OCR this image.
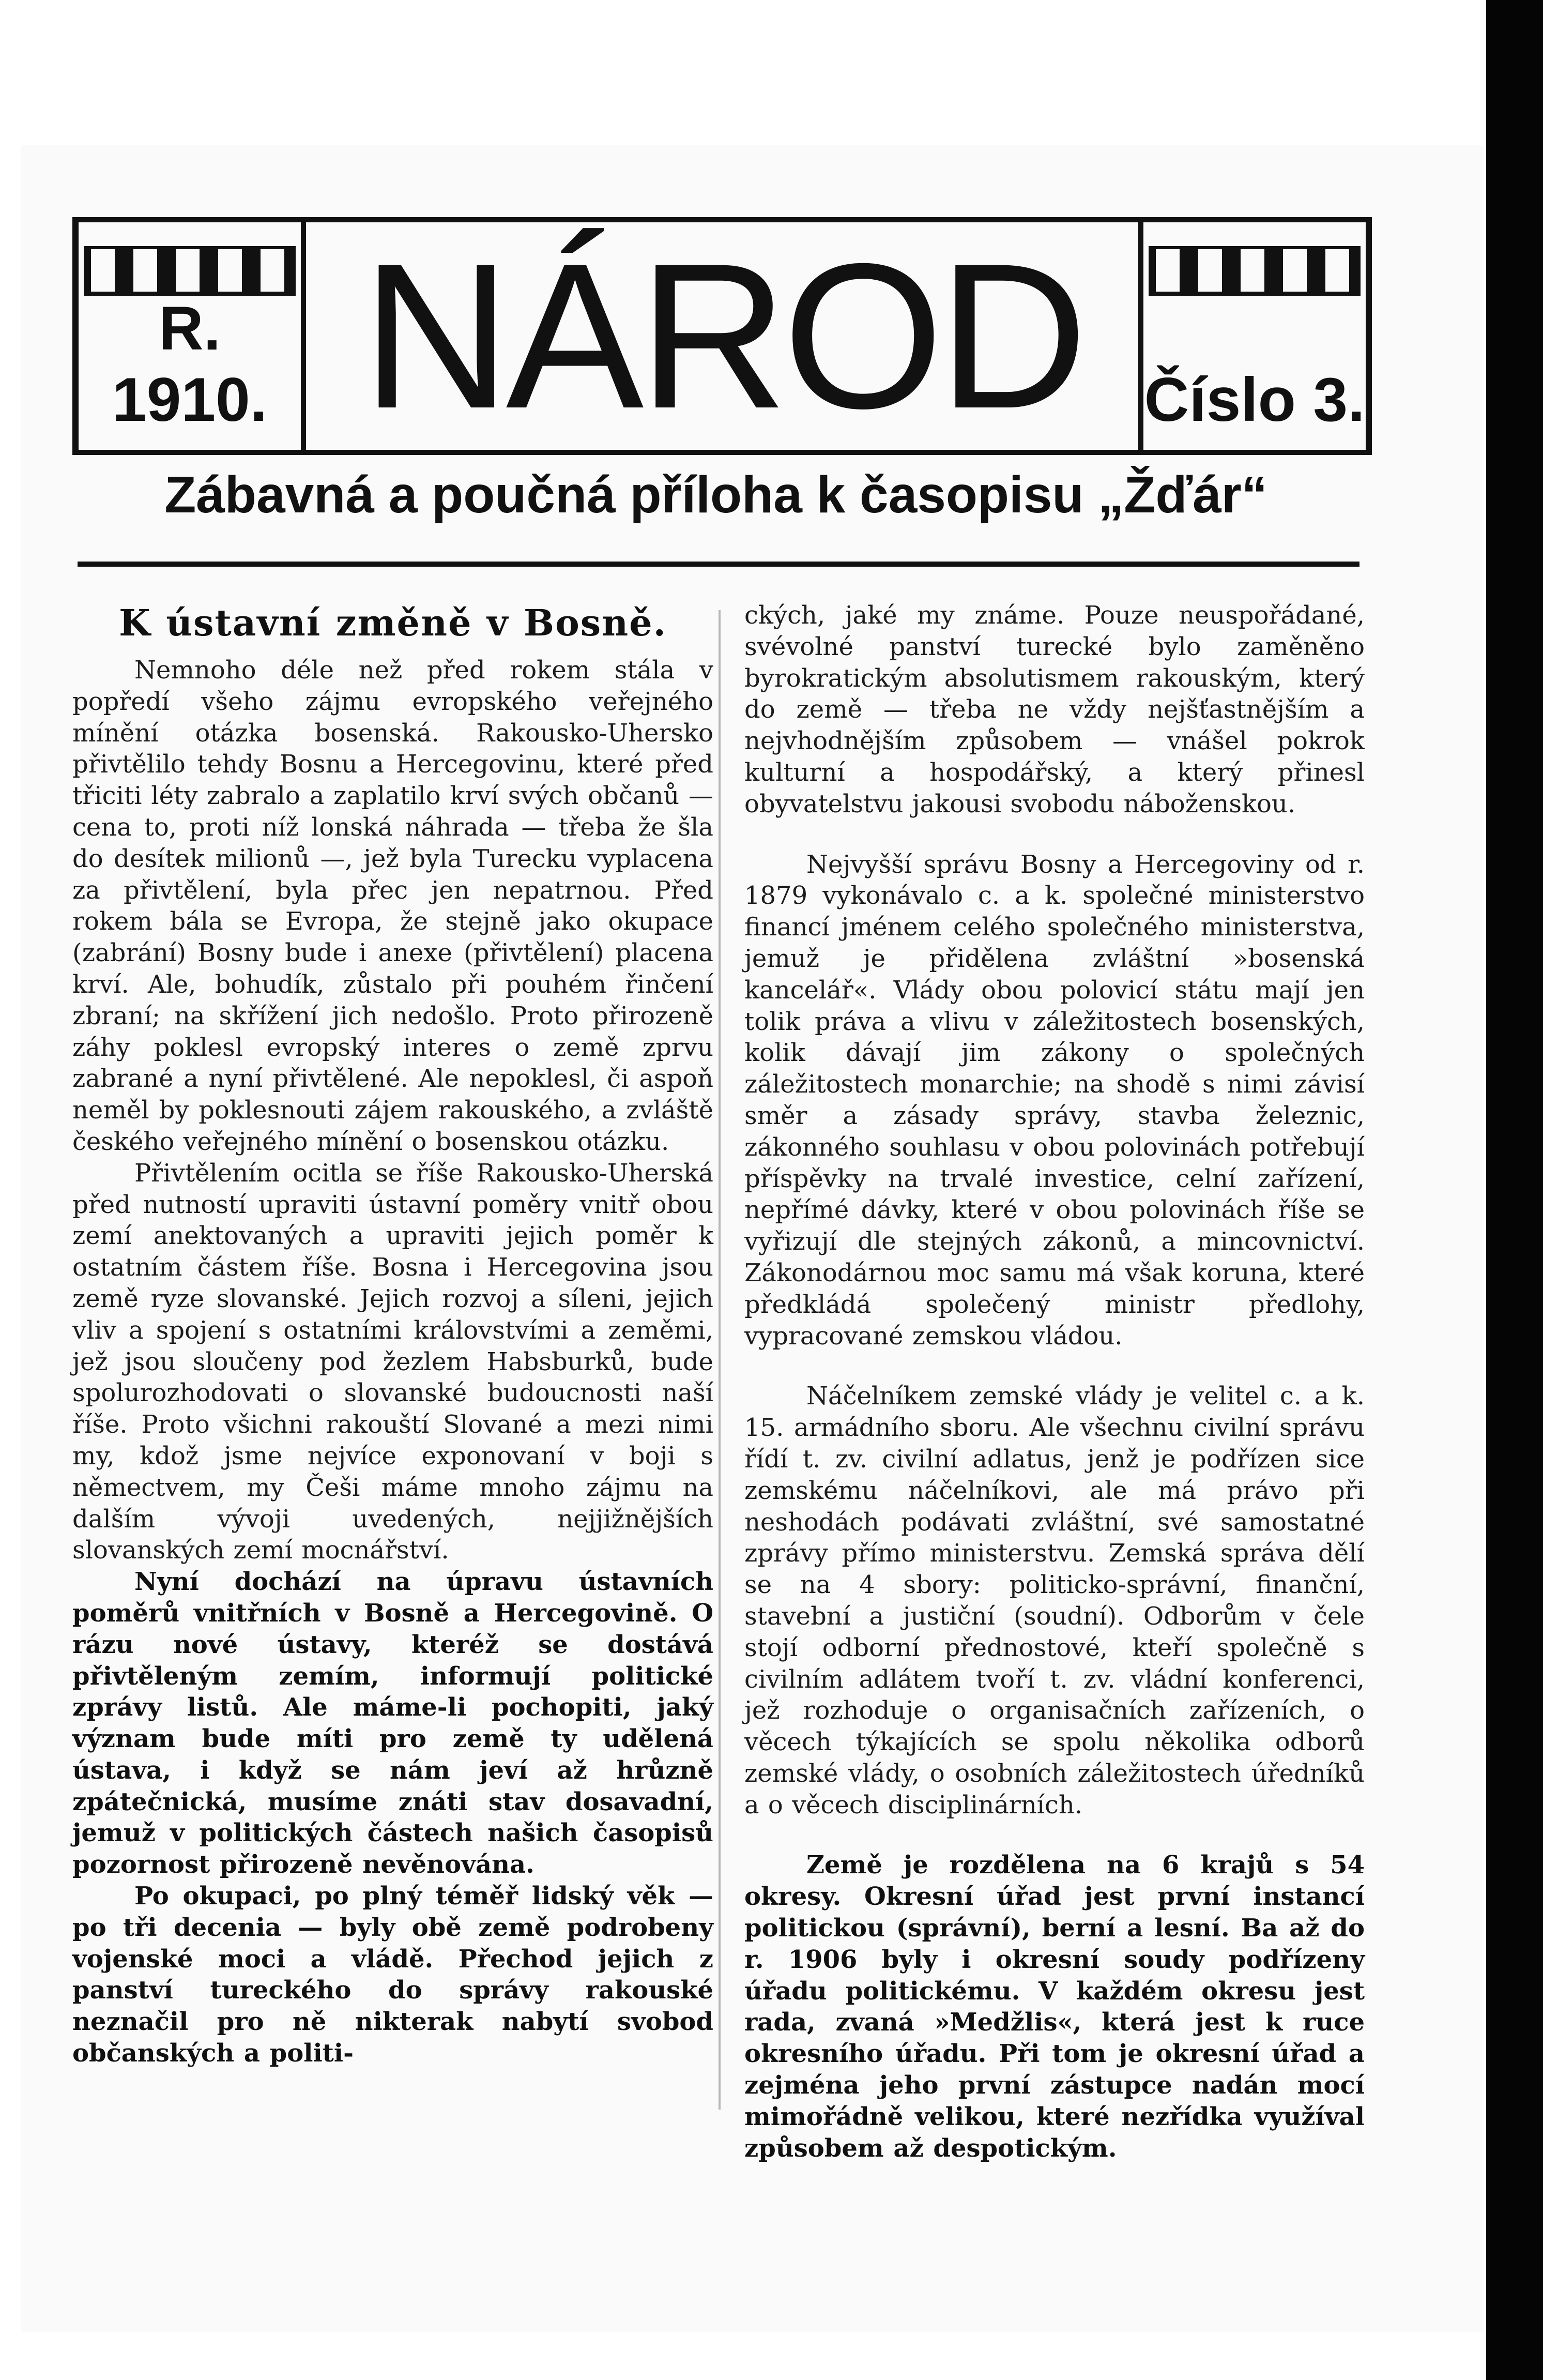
R. 1910. NÁROD Číslo 3.
Zábavná a poučná příloha k časopisu „Žďár“
K ústavní změně v Bosně.

Nemnoho déle než před rokem stála v popředí všeho zájmu evropského veřejného mínění otázka bosenská. Rakousko-Uhersko přivtělilo tehdy Bosnu a Hercegovinu, které před třiciti léty zabralo a zaplatilo krví svých občanů — cena to, proti níž lonská náhrada — třeba že šla do desítek milionů —, jež byla Turecku vyplacena za přivtělení, byla přec jen nepatrnou. Před rokem bála se Evropa, že stejně jako okupace (zabrání) Bosny bude i anexe (přivtělení) placena krví. Ale, bohudík, zůstalo při pouhém řinčení zbraní; na skřížení jich nedošlo. Proto přirozeně záhy poklesl evropský interes o země zprvu zabrané a nyní přivtělené. Ale nepoklesl, či aspoň neměl by poklesnouti zájem rakouského, a zvláště českého veřejného mínění o bosenskou otázku.

Přivtělením ocitla se říše Rakousko-Uherská před nutností upraviti ústavní poměry vnitř obou zemí anektovaných a upraviti jejich poměr k ostatním částem říše. Bosna i Hercegovina jsou země ryze slovanské. Jejich rozvoj a síleni, jejich vliv a spojení s ostatními královstvími a zeměmi, jež jsou sloučeny pod žezlem Habsburků, bude spolurozhodovati o slovanské budoucnosti naší říše. Proto všichni rakouští Slované a mezi nimi my, kdož jsme nejvíce exponovaní v boji s němectvem, my Češi máme mnoho zájmu na dalším vývoji uvedených, nejjižnějších slovanských zemí mocnářství.

Nyní dochází na úpravu ústavních poměrů vnitřních v Bosně a Hercegovině. O rázu nové ústavy, kteréž se dostává přivtěleným zemím, informují politické zprávy listů. Ale máme-li pochopiti, jaký význam bude míti pro země ty udělená ústava, i když se nám jeví až hrůzně zpátečnická, musíme znáti stav dosavadní, jemuž v politických částech našich časopisů pozornost přirozeně nevěnována.

Po okupaci, po plný téměř lidský věk — po tři decenia — byly obě země podrobeny vojenské moci a vládě. Přechod jejich z panství tureckého do správy rakouské neznačil pro ně nikterak nabytí svobod občanských a politi-

ckých, jaké my známe. Pouze neuspořádané, svévolné panství turecké bylo zaměněno byrokratickým absolutismem rakouským, který do země — třeba ne vždy nejšťastnějším a nejvhodnějším způsobem — vnášel pokrok kulturní a hospodářský, a který přinesl obyvatelstvu jakousi svobodu náboženskou.

Nejvyšší správu Bosny a Hercegoviny od r. 1879 vykonávalo c. a k. společné ministerstvo financí jménem celého společného ministerstva, jemuž je přidělena zvláštní »bosenská kancelář«. Vlády obou polovicí státu mají jen tolik práva a vlivu v záležitostech bosenských, kolik dávají jim zákony o společných záležitostech monarchie; na shodě s nimi závisí směr a zásady správy, stavba železnic, zákonného souhlasu v obou polovinách potřebují příspěvky na trvalé investice, celní zařízení, nepřímé dávky, které v obou polovinách říše se vyřizují dle stejných zákonů, a mincovnictví. Zákonodárnou moc samu má však koruna, které předkládá společený ministr předlohy, vypracované zemskou vládou.

Náčelníkem zemské vlády je velitel c. a k. 15. armádního sboru. Ale všechnu civilní správu řídí t. zv. civilní adlatus, jenž je podřízen sice zemskému náčelníkovi, ale má právo při neshodách podávati zvláštní, své samostatné zprávy přímo ministerstvu. Zemská správa dělí se na 4 sbory: politicko-správní, finanční, stavební a justiční (soudní). Odborům v čele stojí odborní přednostové, kteří společně s civilním adlátem tvoří t. zv. vládní konferenci, jež rozhoduje o organisačních zařízeních, o věcech týkajících se spolu několika odborů zemské vlády, o osobních záležitostech úředníků a o věcech disciplinárních.

Země je rozdělena na 6 krajů s 54 okresy. Okresní úřad jest první instancí politickou (správní), berní a lesní. Ba až do r. 1906 byly i okresní soudy podřízeny úřadu politickému. V každém okresu jest rada, zvaná »Medžlis«, která jest k ruce okresního úřadu. Při tom je okresní úřad a zejména jeho první zástupce nadán mocí mimořádně velikou, které nezřídka využíval způsobem až despotickým.
